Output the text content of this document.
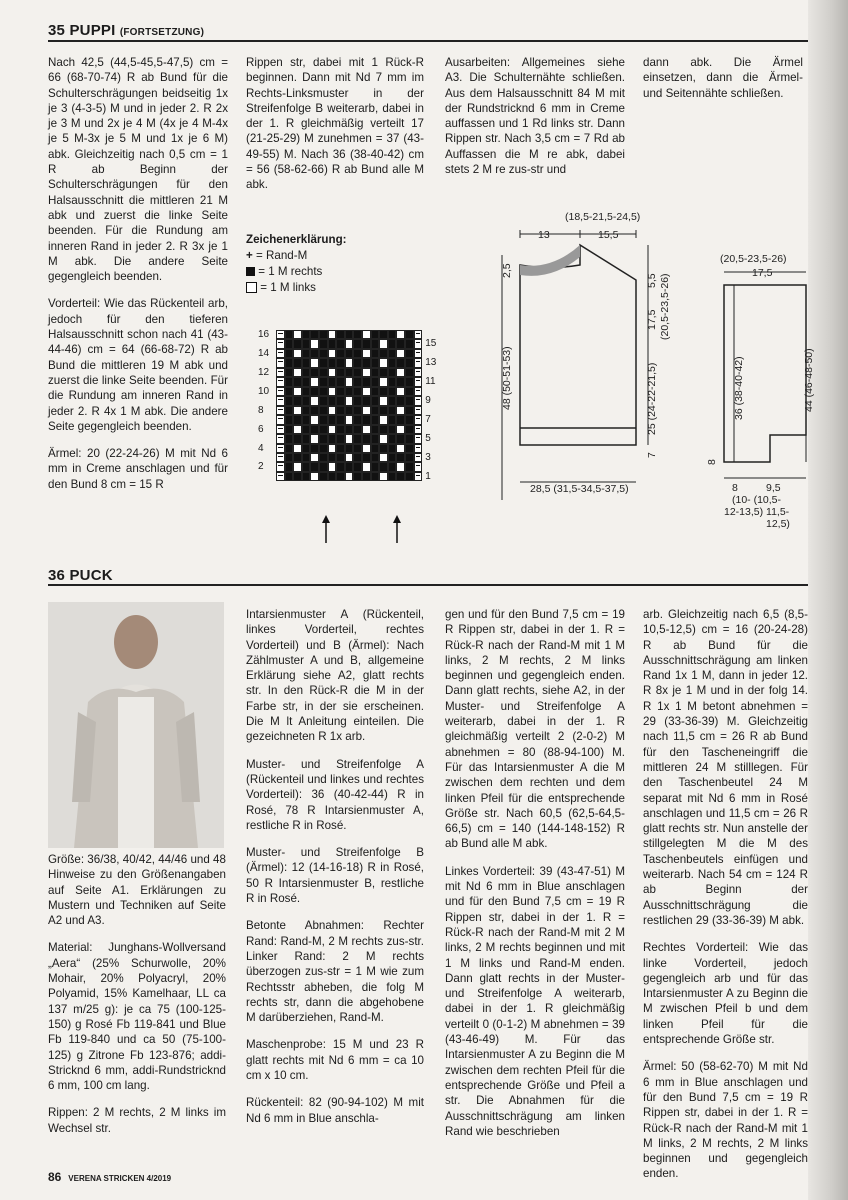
35 PUPPI (FORTSETZUNG)

Nach 42,5 (44,5-45,5-47,5) cm = 66 (68-70-74) R ab Bund für die Schulterschrägungen beidseitig 1x je 3 (4-3-5) M und in jeder 2. R 2x je 3 M und 2x je 4 M (4x je 4 M-4x je 5 M-3x je 5 M und 1x je 6 M) abk. Gleichzeitig nach 0,5 cm = 1 R ab Beginn der Schulterschrägungen für den Halsausschnitt die mittleren 21 M abk und zuerst die linke Seite beenden. Für die Rundung am inneren Rand in jeder 2. R 3x je 1 M abk. Die andere Seite gegengleich beenden.

Vorderteil: Wie das Rückenteil arb, jedoch für den tieferen Halsausschnitt schon nach 41 (43-44-46) cm = 64 (66-68-72) R ab Bund die mittleren 19 M abk und zuerst die linke Seite beenden. Für die Rundung am inneren Rand in jeder 2. R 4x 1 M abk. Die andere Seite gegengleich beenden.

Ärmel: 20 (22-24-26) M mit Nd 6 mm in Creme anschlagen und für den Bund 8 cm = 15 R

Rippen str, dabei mit 1 Rück-R beginnen. Dann mit Nd 7 mm im Rechts-Linksmuster in der Streifenfolge B weiterarb, dabei in der 1. R gleichmäßig verteilt 17 (21-25-29) M zunehmen = 37 (43-49-55) M. Nach 36 (38-40-42) cm = 56 (58-62-66) R ab Bund alle M abk.

Zeichenerklärung:
+ = Rand-M
= 1 M rechts
= 1 M links
16
14
12
10
8
6
4
2
15
13
11
9
7
5
3
1

Ausarbeiten: Allgemeines siehe A3. Die Schulternähte schließen. Aus dem Halsausschnitt 84 M mit der Rundstricknd 6 mm in Creme auffassen und 1 Rd links str. Dann Rippen str. Nach 3,5 cm = 7 Rd ab Auffassen die M re abk, dabei stets 2 M re zus-str und

dann abk. Die Ärmel einsetzen, dann die Ärmel- und Seitennähte schließen.

(18,5-21,5-24,5)
13	15,5
2,5
5,5
17,5 (20,5-23,5-26)
48 (50-51-53)	25 (24-22-21,5)
7
28,5 (31,5-34,5-37,5)
(20,5-23,5-26)
17,5
36 (38-40-42)	44 (46-48-50)
8
8	9,5
(10- (10,5-
12-13,5) 11,5-
12,5)
36 PUCK

Größe: 36/38, 40/42, 44/46 und 48

Hinweise zu den Größenangaben auf Seite A1. Erklärungen zu Mustern und Techniken auf Seite A2 und A3.

Material: Junghans-Wollversand „Aera“ (25% Schurwolle, 20% Mohair, 20% Polyacryl, 20% Polyamid, 15% Kamelhaar, LL ca 137 m/25 g): je ca 75 (100-125-150) g Rosé Fb 119-841 und Blue Fb 119-840 und ca 50 (75-100-125) g Zitrone Fb 123-876; addi-Stricknd 6 mm, addi-Rundstricknd 6 mm, 100 cm lang.

Rippen: 2 M rechts, 2 M links im Wechsel str.

Intarsienmuster A (Rückenteil, linkes Vorderteil, rechtes Vorderteil) und B (Ärmel): Nach Zählmuster A und B, allgemeine Erklärung siehe A2, glatt rechts str. In den Rück-R die M in der Farbe str, in der sie erscheinen. Die M lt Anleitung einteilen. Die gezeichneten R 1x arb.

Muster- und Streifenfolge A (Rückenteil und linkes und rechtes Vorderteil): 36 (40-42-44) R in Rosé, 78 R Intarsienmuster A, restliche R in Rosé.

Muster- und Streifenfolge B (Ärmel): 12 (14-16-18) R in Rosé, 50 R Intarsienmuster B, restliche R in Rosé.

Betonte Abnahmen: Rechter Rand: Rand-M, 2 M rechts zus-str. Linker Rand: 2 M rechts überzogen zus-str = 1 M wie zum Rechtsstr abheben, die folg M rechts str, dann die abgehobene M darüberziehen, Rand-M.

Maschenprobe: 15 M und 23 R glatt rechts mit Nd 6 mm = ca 10 cm x 10 cm.

Rückenteil: 82 (90-94-102) M mit Nd 6 mm in Blue anschla-

gen und für den Bund 7,5 cm = 19 R Rippen str, dabei in der 1. R = Rück-R nach der Rand-M mit 1 M links, 2 M rechts, 2 M links beginnen und gegengleich enden. Dann glatt rechts, siehe A2, in der Muster- und Streifenfolge A weiterarb, dabei in der 1. R gleichmäßig verteilt 2 (2-0-2) M abnehmen = 80 (88-94-100) M. Für das Intarsienmuster A die M zwischen dem rechten und dem linken Pfeil für die entsprechende Größe str. Nach 60,5 (62,5-64,5-66,5) cm = 140 (144-148-152) R ab Bund alle M abk.

Linkes Vorderteil: 39 (43-47-51) M mit Nd 6 mm in Blue anschlagen und für den Bund 7,5 cm = 19 R Rippen str, dabei in der 1. R = Rück-R nach der Rand-M mit 2 M links, 2 M rechts beginnen und mit 1 M links und Rand-M enden. Dann glatt rechts in der Muster- und Streifenfolge A weiterarb, dabei in der 1. R gleichmäßig verteilt 0 (0-1-2) M abnehmen = 39 (43-46-49) M. Für das Intarsienmuster A zu Beginn die M zwischen dem rechten Pfeil für die entsprechende Größe und Pfeil a str. Die Abnahmen für die Ausschnittschrägung am linken Rand wie beschrieben

arb. Gleichzeitig nach 6,5 (8,5-10,5-12,5) cm = 16 (20-24-28) R ab Bund für die Ausschnittschrägung am linken Rand 1x 1 M, dann in jeder 12. R 8x je 1 M und in der folg 14. R 1x 1 M betont abnehmen = 29 (33-36-39) M. Gleichzeitig nach 11,5 cm = 26 R ab Bund für den Tascheneingriff die mittleren 24 M stilllegen. Für den Taschenbeutel 24 M separat mit Nd 6 mm in Rosé anschlagen und 11,5 cm = 26 R glatt rechts str. Nun anstelle der stillgelegten M die M des Taschenbeutels einfügen und weiterarb. Nach 54 cm = 124 R ab Beginn der Ausschnittschrägung die restlichen 29 (33-36-39) M abk.

Rechtes Vorderteil: Wie das linke Vorderteil, jedoch gegengleich arb und für das Intarsienmuster A zu Beginn die M zwischen Pfeil b und dem linken Pfeil für die entsprechende Größe str.

Ärmel: 50 (58-62-70) M mit Nd 6 mm in Blue anschlagen und für den Bund 7,5 cm = 19 R Rippen str, dabei in der 1. R = Rück-R nach der Rand-M mit 1 M links, 2 M rechts, 2 M links beginnen und gegengleich enden.

86 VERENA STRICKEN 4/2019
